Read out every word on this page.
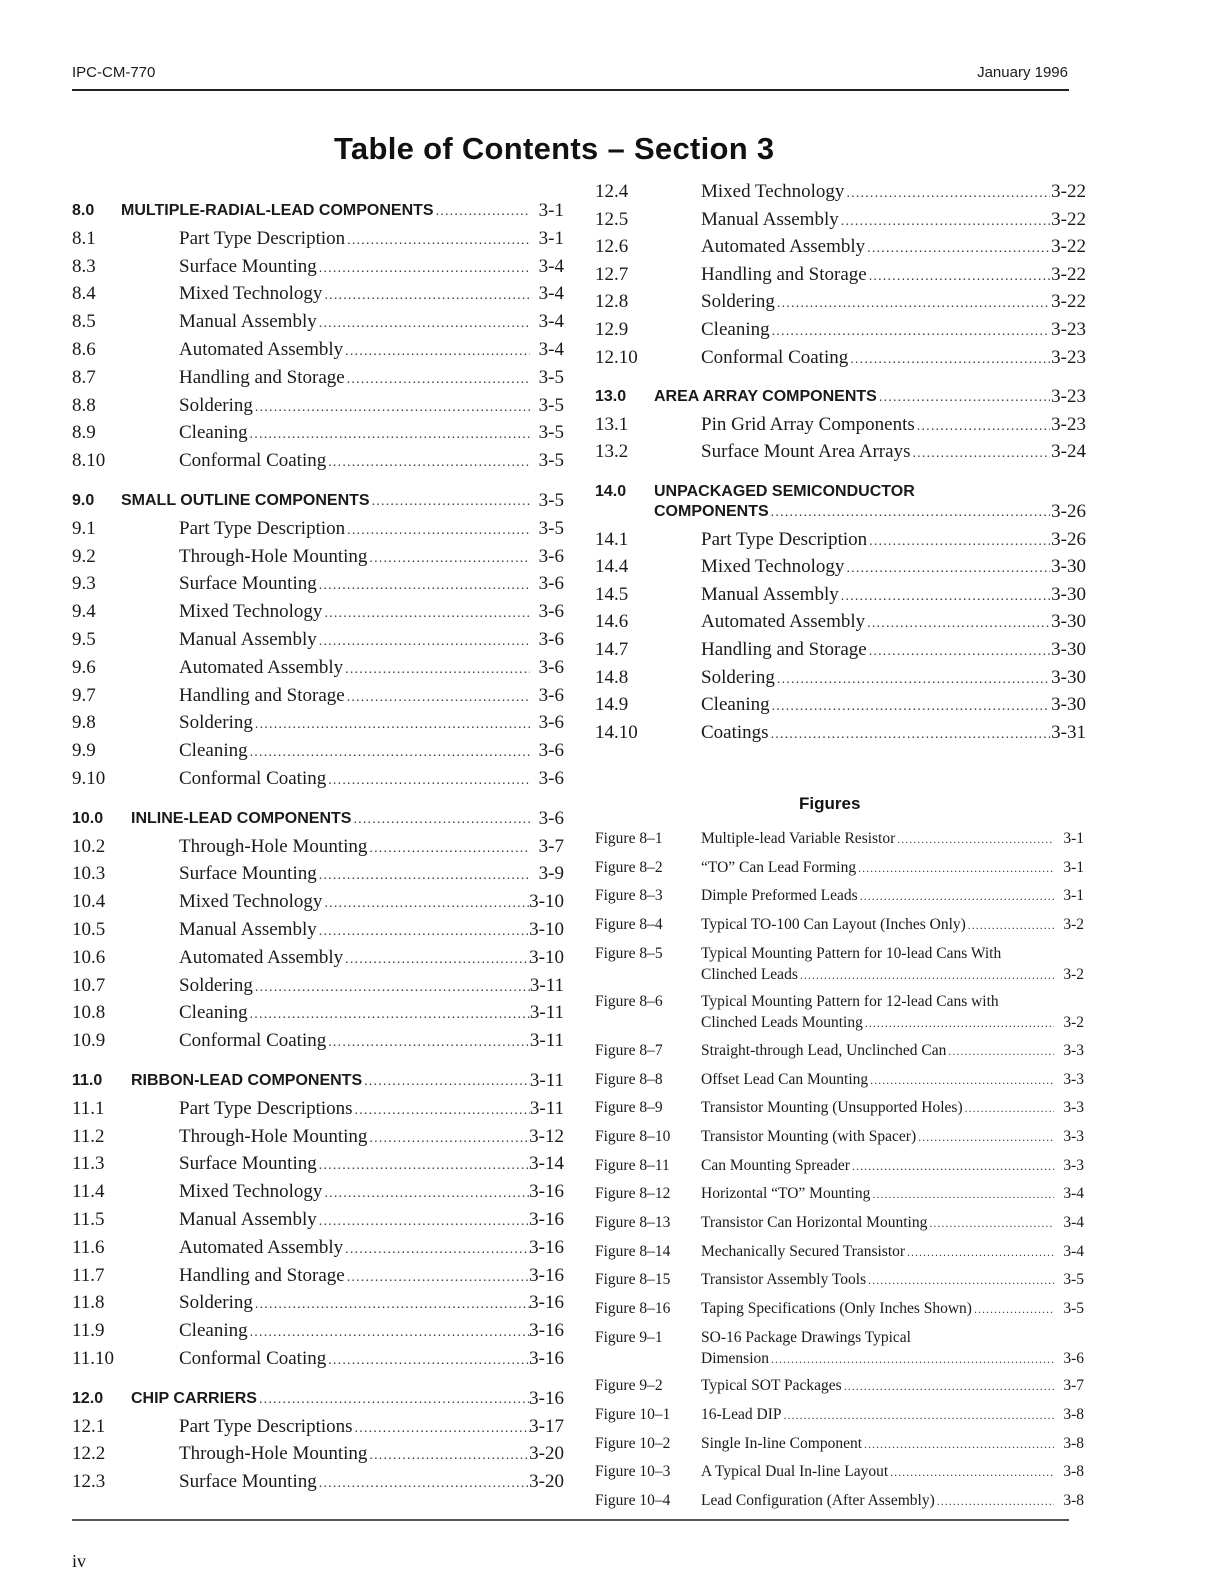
IPC-CM-770	January 1996
Table of Contents – Section 3
8.0 MULTIPLE-RADIAL-LEAD COMPONENTS .....	3-1
8.1	Part Type Description .....	3-1
8.3	Surface Mounting .....	3-4
8.4	Mixed Technology .....	3-4
8.5	Manual Assembly .....	3-4
8.6	Automated Assembly .....	3-4
8.7	Handling and Storage .....	3-5
8.8	Soldering .....	3-5
8.9	Cleaning .....	3-5
8.10	Conformal Coating .....	3-5
9.0 SMALL OUTLINE COMPONENTS .....	3-5
9.1	Part Type Description .....	3-5
9.2	Through-Hole Mounting .....	3-6
9.3	Surface Mounting .....	3-6
9.4	Mixed Technology .....	3-6
9.5	Manual Assembly .....	3-6
9.6	Automated Assembly .....	3-6
9.7	Handling and Storage .....	3-6
9.8	Soldering .....	3-6
9.9	Cleaning .....	3-6
9.10	Conformal Coating .....	3-6
10.0 INLINE-LEAD COMPONENTS .....	3-6
10.2	Through-Hole Mounting .....	3-7
10.3	Surface Mounting .....	3-9
10.4	Mixed Technology .....	3-10
10.5	Manual Assembly .....	3-10
10.6	Automated Assembly .....	3-10
10.7	Soldering .....	3-11
10.8	Cleaning .....	3-11
10.9	Conformal Coating .....	3-11
11.0 RIBBON-LEAD COMPONENTS .....	3-11
11.1	Part Type Descriptions .....	3-11
11.2	Through-Hole Mounting .....	3-12
11.3	Surface Mounting .....	3-14
11.4	Mixed Technology .....	3-16
11.5	Manual Assembly .....	3-16
11.6	Automated Assembly .....	3-16
11.7	Handling and Storage .....	3-16
11.8	Soldering .....	3-16
11.9	Cleaning .....	3-16
11.10	Conformal Coating .....	3-16
12.0 CHIP CARRIERS .....	3-16
12.1	Part Type Descriptions .....	3-17
12.2	Through-Hole Mounting .....	3-20
12.3	Surface Mounting .....	3-20
12.4	Mixed Technology .....	3-22
12.5	Manual Assembly .....	3-22
12.6	Automated Assembly .....	3-22
12.7	Handling and Storage .....	3-22
12.8	Soldering .....	3-22
12.9	Cleaning .....	3-23
12.10	Conformal Coating .....	3-23
13.0 AREA ARRAY COMPONENTS .....	3-23
13.1	Pin Grid Array Components .....	3-23
13.2	Surface Mount Area Arrays .....	3-24
14.0 UNPACKAGED SEMICONDUCTOR
COMPONENTS .....	3-26
14.1	Part Type Description .....	3-26
14.4	Mixed Technology .....	3-30
14.5	Manual Assembly .....	3-30
14.6	Automated Assembly .....	3-30
14.7	Handling and Storage .....	3-30
14.8	Soldering .....	3-30
14.9	Cleaning .....	3-30
14.10	Coatings .....	3-31
Figures
Figure 8–1 Multiple-lead Variable Resistor .....	3-1
Figure 8–2 “TO” Can Lead Forming .....	3-1
Figure 8–3 Dimple Preformed Leads .....	3-1
Figure 8–4 Typical TO-100 Can Layout (Inches Only) .....	3-2
Figure 8–5 Typical Mounting Pattern for 10-lead Cans With
Clinched Leads .....	3-2
Figure 8–6 Typical Mounting Pattern for 12-lead Cans with
Clinched Leads Mounting .....	3-2
Figure 8–7 Straight-through Lead, Unclinched Can .....	3-3
Figure 8–8 Offset Lead Can Mounting .....	3-3
Figure 8–9 Transistor Mounting (Unsupported Holes) .....	3-3
Figure 8–10 Transistor Mounting (with Spacer) .....	3-3
Figure 8–11 Can Mounting Spreader .....	3-3
Figure 8–12 Horizontal “TO” Mounting .....	3-4
Figure 8–13 Transistor Can Horizontal Mounting .....	3-4
Figure 8–14 Mechanically Secured Transistor .....	3-4
Figure 8–15 Transistor Assembly Tools .....	3-5
Figure 8–16 Taping Specifications (Only Inches Shown) .....	3-5
Figure 9–1 SO-16 Package Drawings Typical
Dimension .....	3-6
Figure 9–2 Typical SOT Packages .....	3-7
Figure 10–1 16-Lead DIP .....	3-8
Figure 10–2 Single In-line Component .....	3-8
Figure 10–3 A Typical Dual In-line Layout .....	3-8
Figure 10–4 Lead Configuration (After Assembly) .....	3-8
iv
